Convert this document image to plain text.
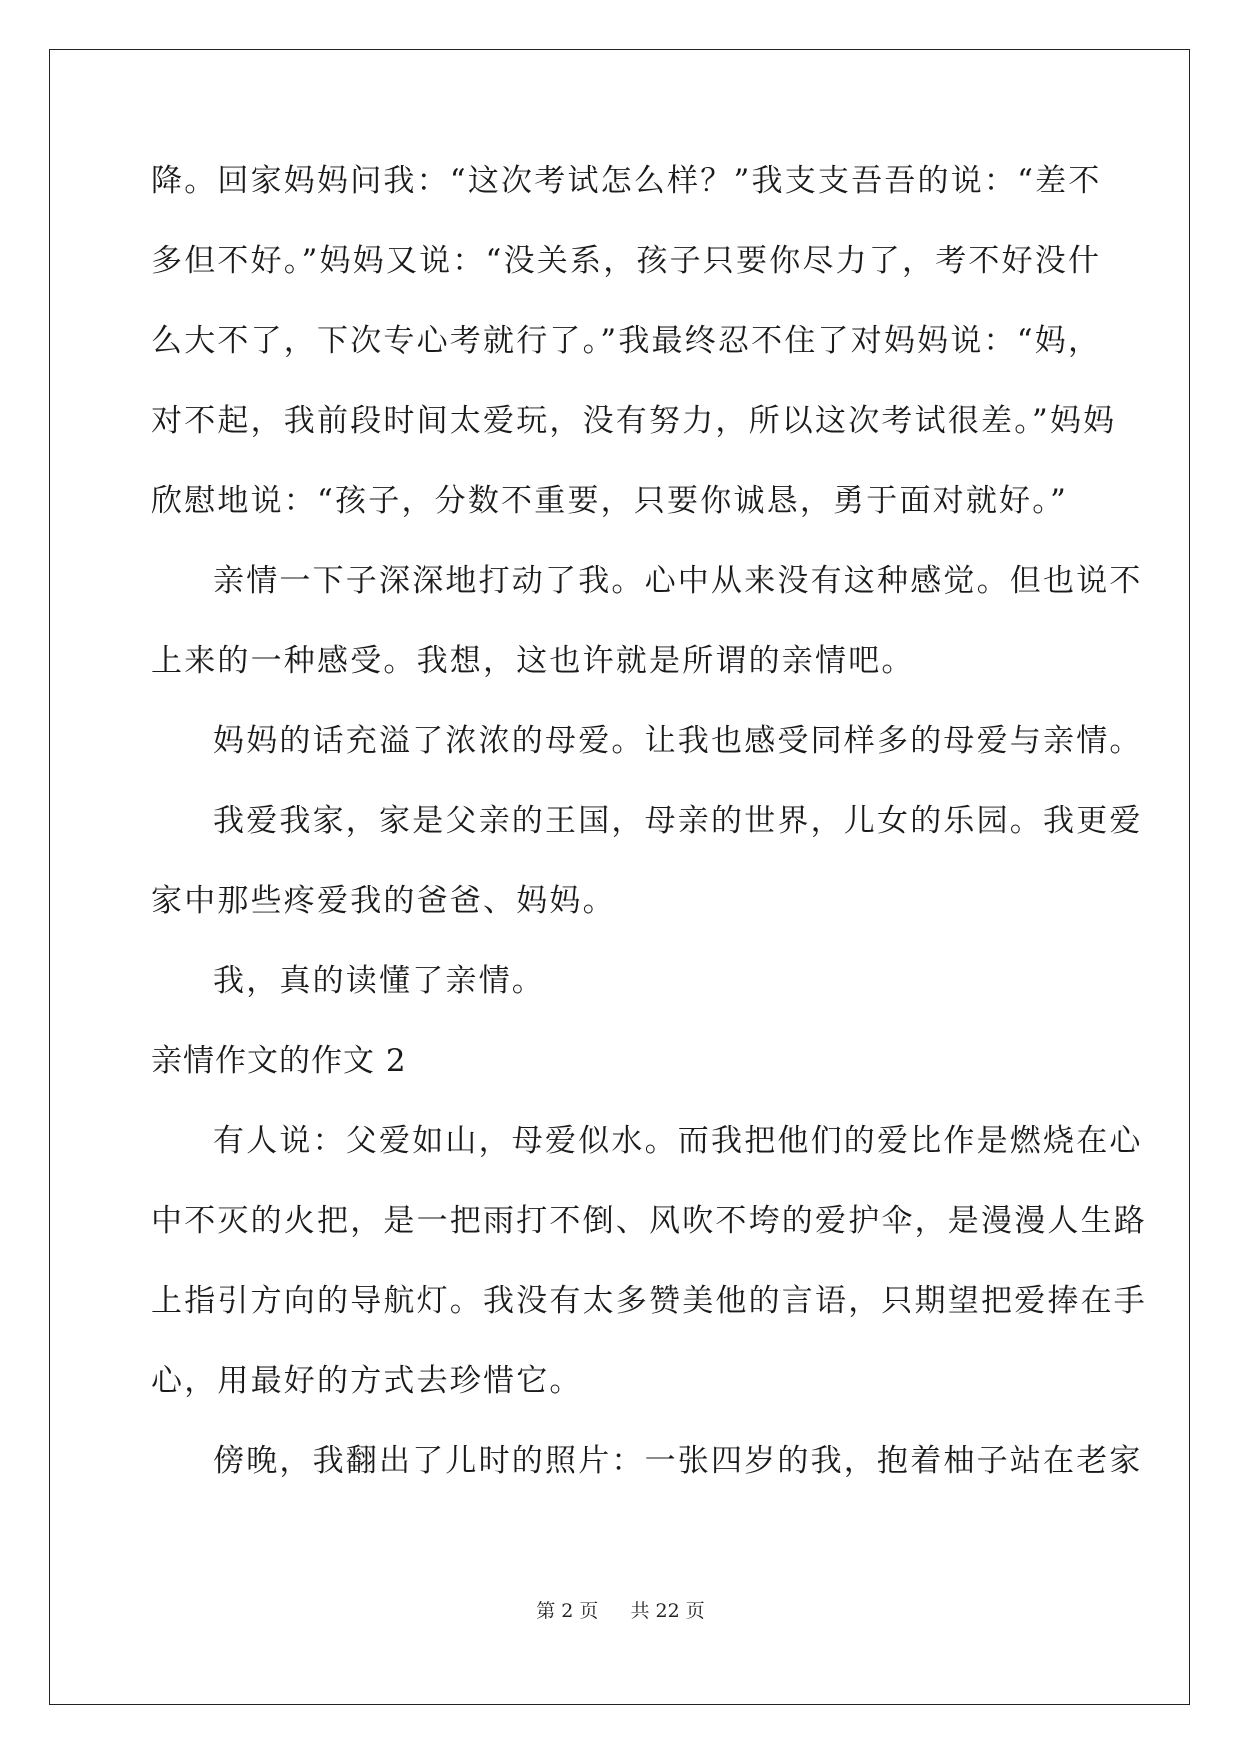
降。回家妈妈问我：“这次考试怎么样？”我支支吾吾的说：“差不
多但不好。”妈妈又说：“没关系，孩子只要你尽力了，考不好没什
么大不了，下次专心考就行了。”我最终忍不住了对妈妈说：“妈，
对不起，我前段时间太爱玩，没有努力，所以这次考试很差。”妈妈
欣慰地说：“孩子，分数不重要，只要你诚恳，勇于面对就好。”
亲情一下子深深地打动了我。心中从来没有这种感觉。但也说不
上来的一种感受。我想，这也许就是所谓的亲情吧。
妈妈的话充溢了浓浓的母爱。让我也感受同样多的母爱与亲情。
我爱我家，家是父亲的王国，母亲的世界，儿女的乐园。我更爱
家中那些疼爱我的爸爸、妈妈。
我，真的读懂了亲情。
亲情作文的作文 2
有人说：父爱如山，母爱似水。而我把他们的爱比作是燃烧在心
中不灭的火把，是一把雨打不倒、风吹不垮的爱护伞，是漫漫人生路
上指引方向的导航灯。我没有太多赞美他的言语，只期望把爱捧在手
心，用最好的方式去珍惜它。
傍晚，我翻出了儿时的照片：一张四岁的我，抱着柚子站在老家
第 2 页 共 22 页
